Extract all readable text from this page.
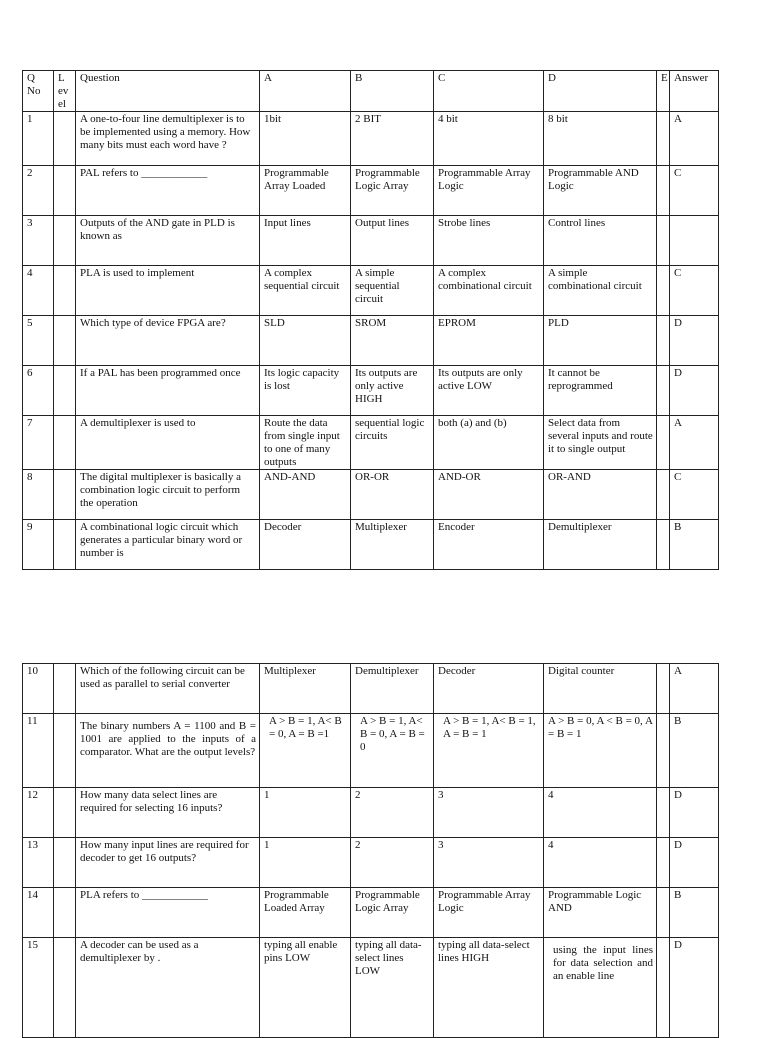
Q No	L ev el	Question	A	B	C	D	E	Answer
1		A one-to-four line demultiplexer is to be implemented using a memory. How many bits must each word have ?	1bit	2 BIT	4 bit	8 bit		A
2		PAL refers to ____________	Programmable Array Loaded	Programmable Logic Array	Programmable Array Logic	Programmable AND Logic		C
3		Outputs of the AND gate in PLD is known as	Input lines	Output lines	Strobe lines	Control lines		
4		PLA is used to implement	A complex sequential circuit	A simple sequential circuit	A complex combinational circuit	A simple combinational circuit		C
5		Which type of device FPGA are?	SLD	SROM	EPROM	PLD		D
6		If a PAL has been programmed once	Its logic capacity is lost	Its outputs are only active HIGH	Its outputs are only active LOW	It cannot be reprogrammed		D
7		A demultiplexer is used to	Route the data from single input to one of many outputs	sequential logic circuits	both (a) and (b)	Select data from several inputs and route it to single output		A
8		The digital multiplexer is basically a combination logic circuit to perform the operation	AND-AND	OR-OR	AND-OR	OR-AND		C
9		A combinational logic circuit which generates a particular binary word or number is	Decoder	Multiplexer	Encoder	Demultiplexer		B
10		Which of the following circuit can be used as parallel to serial converter	Multiplexer	Demultiplexer	Decoder	Digital counter		A
11		The binary numbers A = 1100 and B = 1001 are applied to the inputs of a comparator. What are the output levels?	A > B = 1, A< B = 0, A = B =1	A > B = 1, A< B = 0, A = B = 0	A > B = 1, A< B = 1, A = B = 1	A > B = 0, A < B = 0, A = B = 1		B
12		How many data select lines are required for selecting 16 inputs?	1	2	3	4		D
13		How many input lines are required for decoder to get 16 outputs?	1	2	3	4		D
14		PLA refers to ____________	Programmable Loaded Array	Programmable Logic Array	Programmable Array Logic	Programmable Logic AND		B
15		A decoder can be used as a demultiplexer by .	typing all enable pins LOW	typing all data-select lines LOW	typing all data-select lines HIGH	using the input lines for data selection and an enable line		D
